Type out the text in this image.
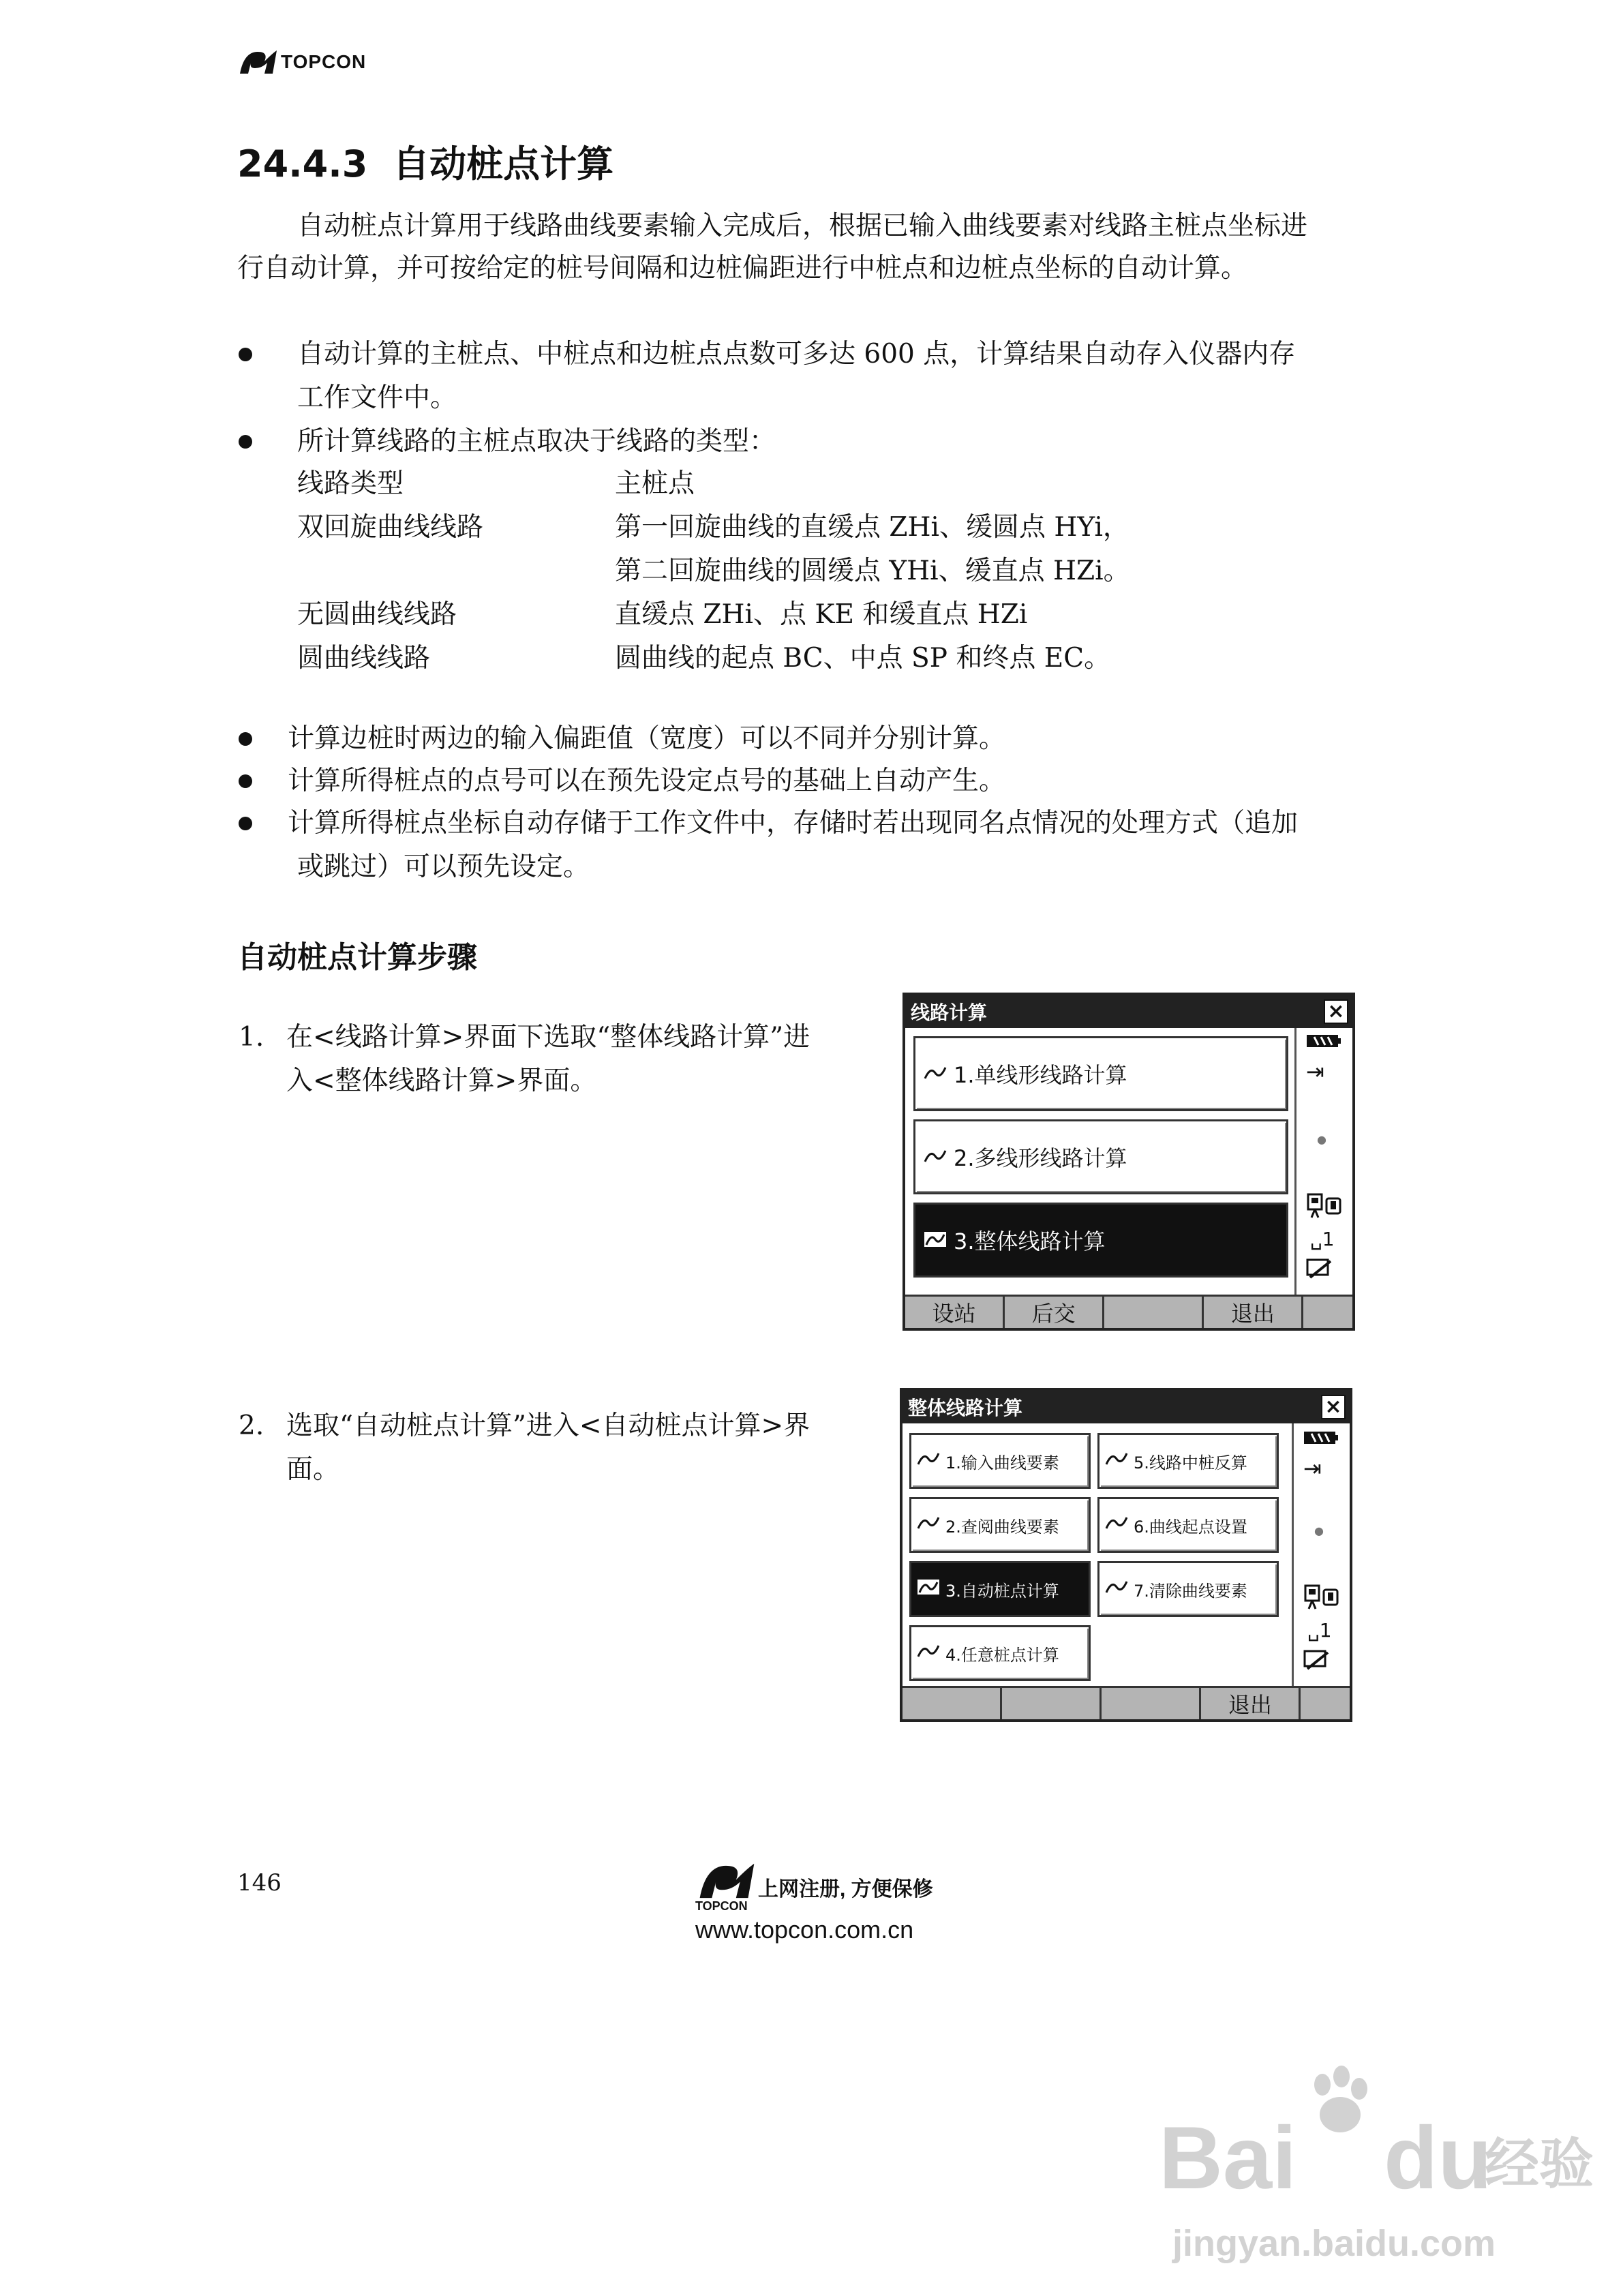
TOPCON
24.4.3 自动桩点计算

自动桩点计算用于线路曲线要素输入完成后，根据已输入曲线要素对线路主桩点坐标进

行自动计算，并可按给定的桩号间隔和边桩偏距进行中桩点和边桩点坐标的自动计算。

自动计算的主桩点、中桩点和边桩点点数可多达 600 点，计算结果自动存入仪器内存
工作文件中。
所计算线路的主桩点取决于线路的类型：
线路类型	主桩点
双回旋曲线线路	第一回旋曲线的直缓点 ZHi、缓圆点 HYi，
第二回旋曲线的圆缓点 YHi、缓直点 HZi。
无圆曲线线路	直缓点 ZHi、点 KE 和缓直点 HZi
圆曲线线路	圆曲线的起点 BC、中点 SP 和终点 EC。
计算边桩时两边的输入偏距值（宽度）可以不同并分别计算。
计算所得桩点的点号可以在预先设定点号的基础上自动产生。
计算所得桩点坐标自动存储于工作文件中，存储时若出现同名点情况的处理方式（追加
或跳过）可以预先设定。
自动桩点计算步骤
1. 在<线路计算>界面下选取“整体线路计算”进
入<整体线路计算>界面。
2. 选取“自动桩点计算”进入<自动桩点计算>界
面。
线路计算	×
1.单线形线路计算
2.多线形线路计算
3.整体线路计算
⇥
●
␣1
设站	后交	退出
整体线路计算	×
1.输入曲线要素
2.查阅曲线要素
3.自动桩点计算
4.任意桩点计算
5.线路中桩反算
6.曲线起点设置
7.清除曲线要素
⇥
●
␣1
退出
146
TOPCON
上网注册, 方便保修
www.topcon.com.cn
Bai du
经验
jingyan.baidu.com
